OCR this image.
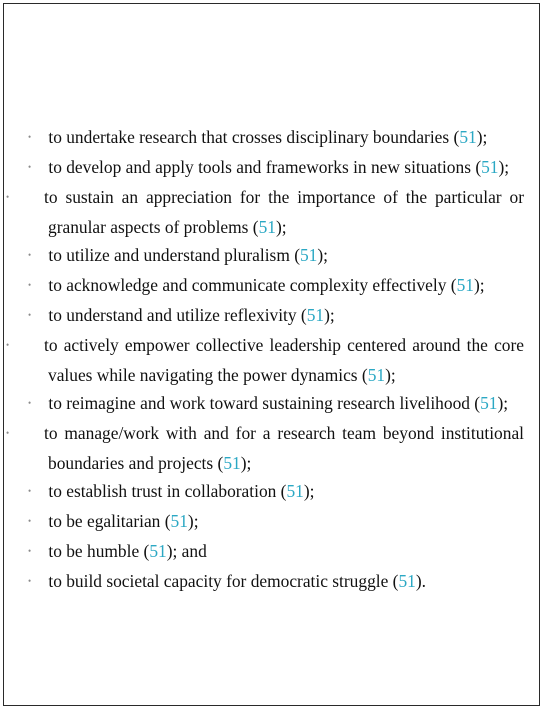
• to undertake research that crosses disciplinary boundaries (51);
• to develop and apply tools and frameworks in new situations (51);
• to sustain an appreciation for the importance of the particular or granular aspects of problems (51);
• to utilize and understand pluralism (51);
• to acknowledge and communicate complexity effectively (51);
• to understand and utilize reflexivity (51);
• to actively empower collective leadership centered around the core values while navigating the power dynamics (51);
• to reimagine and work toward sustaining research livelihood (51);
• to manage/work with and for a research team beyond institutional boundaries and projects (51);
• to establish trust in collaboration (51);
• to be egalitarian (51);
• to be humble (51); and
• to build societal capacity for democratic struggle (51).
